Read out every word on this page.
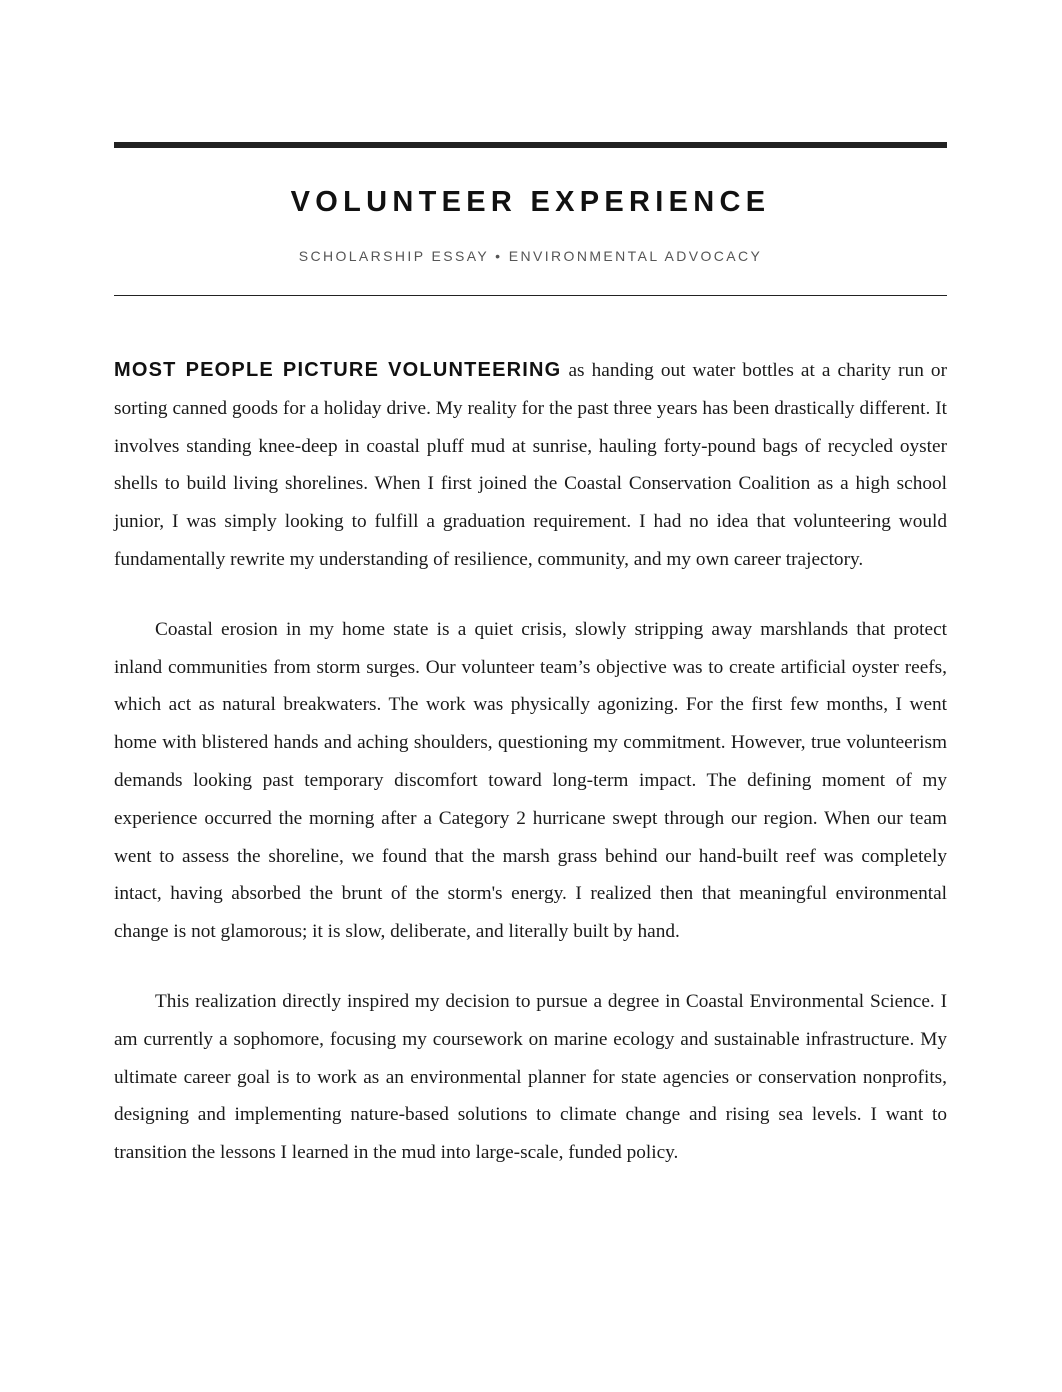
VOLUNTEER EXPERIENCE
SCHOLARSHIP ESSAY • ENVIRONMENTAL ADVOCACY

MOST PEOPLE PICTURE VOLUNTEERING as handing out water bottles at a charity run or sorting canned goods for a holiday drive. My reality for the past three years has been drastically different. It involves standing knee-deep in coastal pluff mud at sunrise, hauling forty-pound bags of recycled oyster shells to build living shorelines. When I first joined the Coastal Conservation Coalition as a high school junior, I was simply looking to fulfill a graduation requirement. I had no idea that volunteering would fundamentally rewrite my understanding of resilience, community, and my own career trajectory.

Coastal erosion in my home state is a quiet crisis, slowly stripping away marshlands that protect inland communities from storm surges. Our volunteer team’s objective was to create artificial oyster reefs, which act as natural breakwaters. The work was physically agonizing. For the first few months, I went home with blistered hands and aching shoulders, questioning my commitment. However, true volunteerism demands looking past temporary discomfort toward long-term impact. The defining moment of my experience occurred the morning after a Category 2 hurricane swept through our region. When our team went to assess the shoreline, we found that the marsh grass behind our hand-built reef was completely intact, having absorbed the brunt of the storm's energy. I realized then that meaningful environmental change is not glamorous; it is slow, deliberate, and literally built by hand.

This realization directly inspired my decision to pursue a degree in Coastal Environmental Science. I am currently a sophomore, focusing my coursework on marine ecology and sustainable infrastructure. My ultimate career goal is to work as an environmental planner for state agencies or conservation nonprofits, designing and implementing nature-based solutions to climate change and rising sea levels. I want to transition the lessons I learned in the mud into large-scale, funded policy.
